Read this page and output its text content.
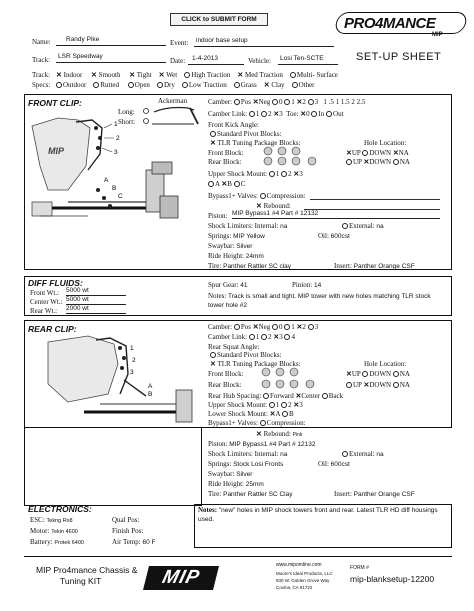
CLICK to SUBMIT FORM	PRO4MANCE
MIP
Name:	Randy Pike	Event:	indoor base setup
Track:	LSR Speedway
Date:	1-4-2013	Vehicle:	Losi Ten-SCTE	SET-UP SHEET
Track: ✕ Indoor ✕ Smooth ✕ Tight ✕ Wet High Traction ✕ Med Traction Multi- Surface
Specs:	Outdoor Rutted Open Dry Low Traction Grass ✕ Clay Other
FRONT CLIP:	Ackerman
Long:
Short:
MIP
1
2
3
A
B
C
Camber: Pos ✕Neg 0 1 ✕2 3 1 .5 1 1.5 2 2.5
Camber Link: 1 2 ✕3  Toe: ✕0 In Out
Front Kick Angle:
Standard Pivot Blocks:
✕ TLR Tuning Package Blocks:	Hole Location:
Front Block:	✕UP DOWN ✕NA
Rear Block:	UP ✕DOWN NA
Upper Shock Mount: 1 2 ✕3
A ✕B C
Bypass1+ Valves: Compression:
✕ Rebound:
Piston: MIP Bypass1 #4 Part # 12132
Shock Limiters: Internal: na	External: na
Springs: MIP Yellow	Oil: 600cst
Swaybar: Silver
Ride Height: 24mm
Tire: Panther Rattler SC clay	Insert: Panther Orange CSF
DIFF FLUIDS:
Front Wt.: 5000 wt
Center Wt.: 5000 wt
Rear Wt.: 2000 wt
Spur Gear: 41	Pinion: 14
Notes: Track is small and tight. MIP tower with new holes matching TLR stock tower hole #2
REAR CLIP:
1
2
3
A
B
Camber: Pos ✕Neg 0 1 ✕2 3
Camber Link: 1 2 ✕3 4
Rear Squat Angle:
Standard Pivot Blocks:
✕ TLR Tuning Package Blocks:	Hole Location:
Front Block:	✕UP DOWN NA
Rear Block:	UP ✕DOWN NA
Rear Hub Spacing: Forward ✕Center Back
Upper Shock Mount: 1 2 ✕3
Lower Shock Mount: ✕A B
Bypass1+ Valves: Compression:
✕ Rebound: Pink
Piston: MIP Bypass1 #4 Part # 12132
Shock Limiters: Internal: na	External: na
Springs: Stock Losi Fronts	Oil: 600cst
Swaybar: Silver
Ride Height: 25mm
Tire: Panther Rattler SC Clay	Insert: Panther Orange CSF
ELECTRONICS:
ESC: Tekng Rx8
Motor: Tekin 4600
Battery: Protek 6400
Qual Pos:
Finish Pos:
Air Temp: 60 F
Notes: "new" holes in MIP shock towers front and rear. Latest TLR HD diff housings used.
MIP Pro4mance Chassis &
Tuning KIT	MIP
www.mipomline.com
Moore's Ideal Products, LLC
830 W. Golden Grove Way
Covina, CA 91722
FORM #
mip-blanksetup-12200
